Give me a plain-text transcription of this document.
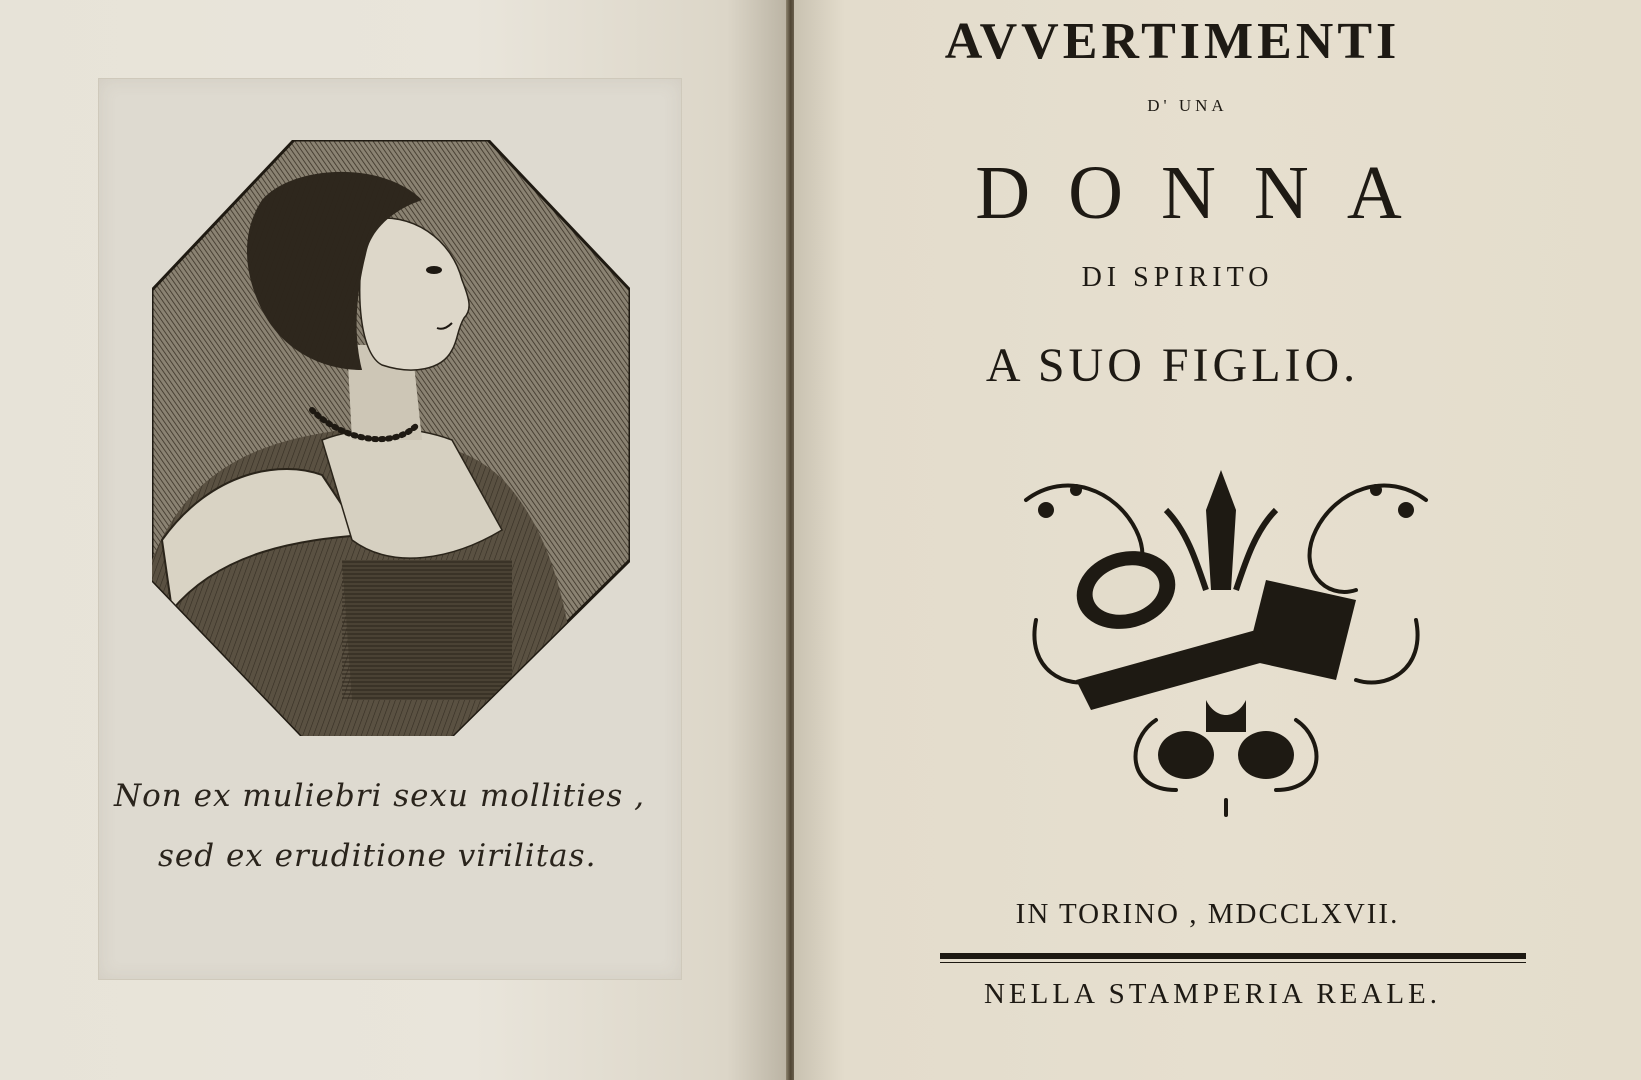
Non ex muliebri sexu mollities ,
sed ex eruditione virilitas.
AVVERTIMENTI
D' UNA
DONNA
DI SPIRITO
A SUO FIGLIO.
IN TORINO , MDCCLXVII.
NELLA STAMPERIA REALE.
